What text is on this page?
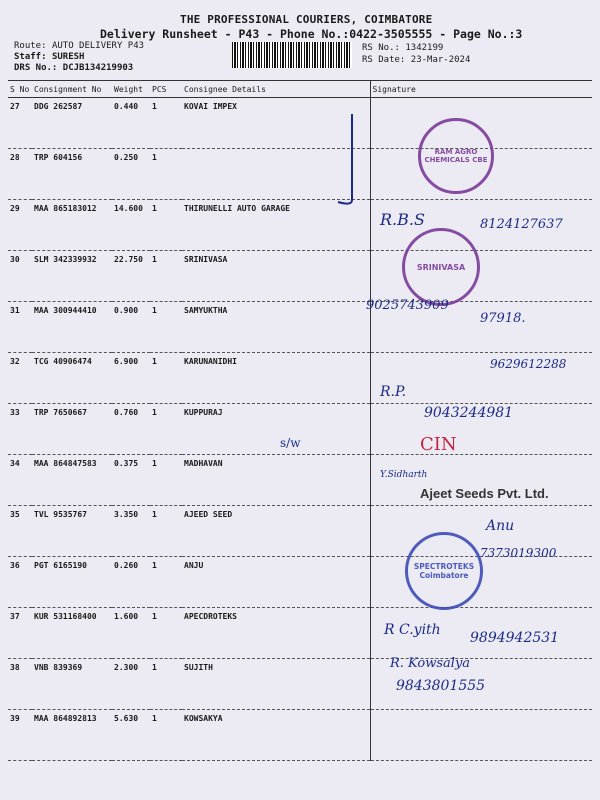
THE PROFESSIONAL COURIERS, COIMBATORE
Delivery Runsheet - P43 - Phone No.:0422-3505555 - Page No.:3
Route: AUTO DELIVERY P43
Staff: SURESH
DRS No.: DCJB134219903
RS No.: 1342199
RS Date: 23-Mar-2024
S No	Consignment No	Weight	PCS	Consignee Details	Signature
27	DDG 262587	0.440	1	KOVAI IMPEX	
28	TRP 604156	0.250	1		
29	MAA 865183012	14.600	1	THIRUNELLI AUTO GARAGE	
30	SLM 342339932	22.750	1	SRINIVASA	
31	MAA 300944410	0.900	1	SAMYUKTHA	
32	TCG 40906474	6.900	1	KARUNANIDHI	
33	TRP 7650667	0.760	1	KUPPURAJ	
34	MAA 864847583	0.375	1	MADHAVAN	
35	TVL 9535767	3.350	1	AJEED SEED	
36	PGT 6165190	0.260	1	ANJU	
37	KUR 531168400	1.600	1	APECDROTEKS	
38	VNB 839369	2.300	1	SUJITH	
39	MAA 864892813	5.630	1	KOWSAKYA	
RAM AGRO CHEMICALS CBE
SRINIVASA
SPECTROTEKS Coimbatore
Ajeet Seeds Pvt. Ltd.
R.B.S	8124127637
9025743909
97918.
9629612288
R.P.
9043244981
s/w	CIN
Y.Sidharth
Anu
7373019300
R C.yith 9894942531
R. Kowsalya
9843801555
